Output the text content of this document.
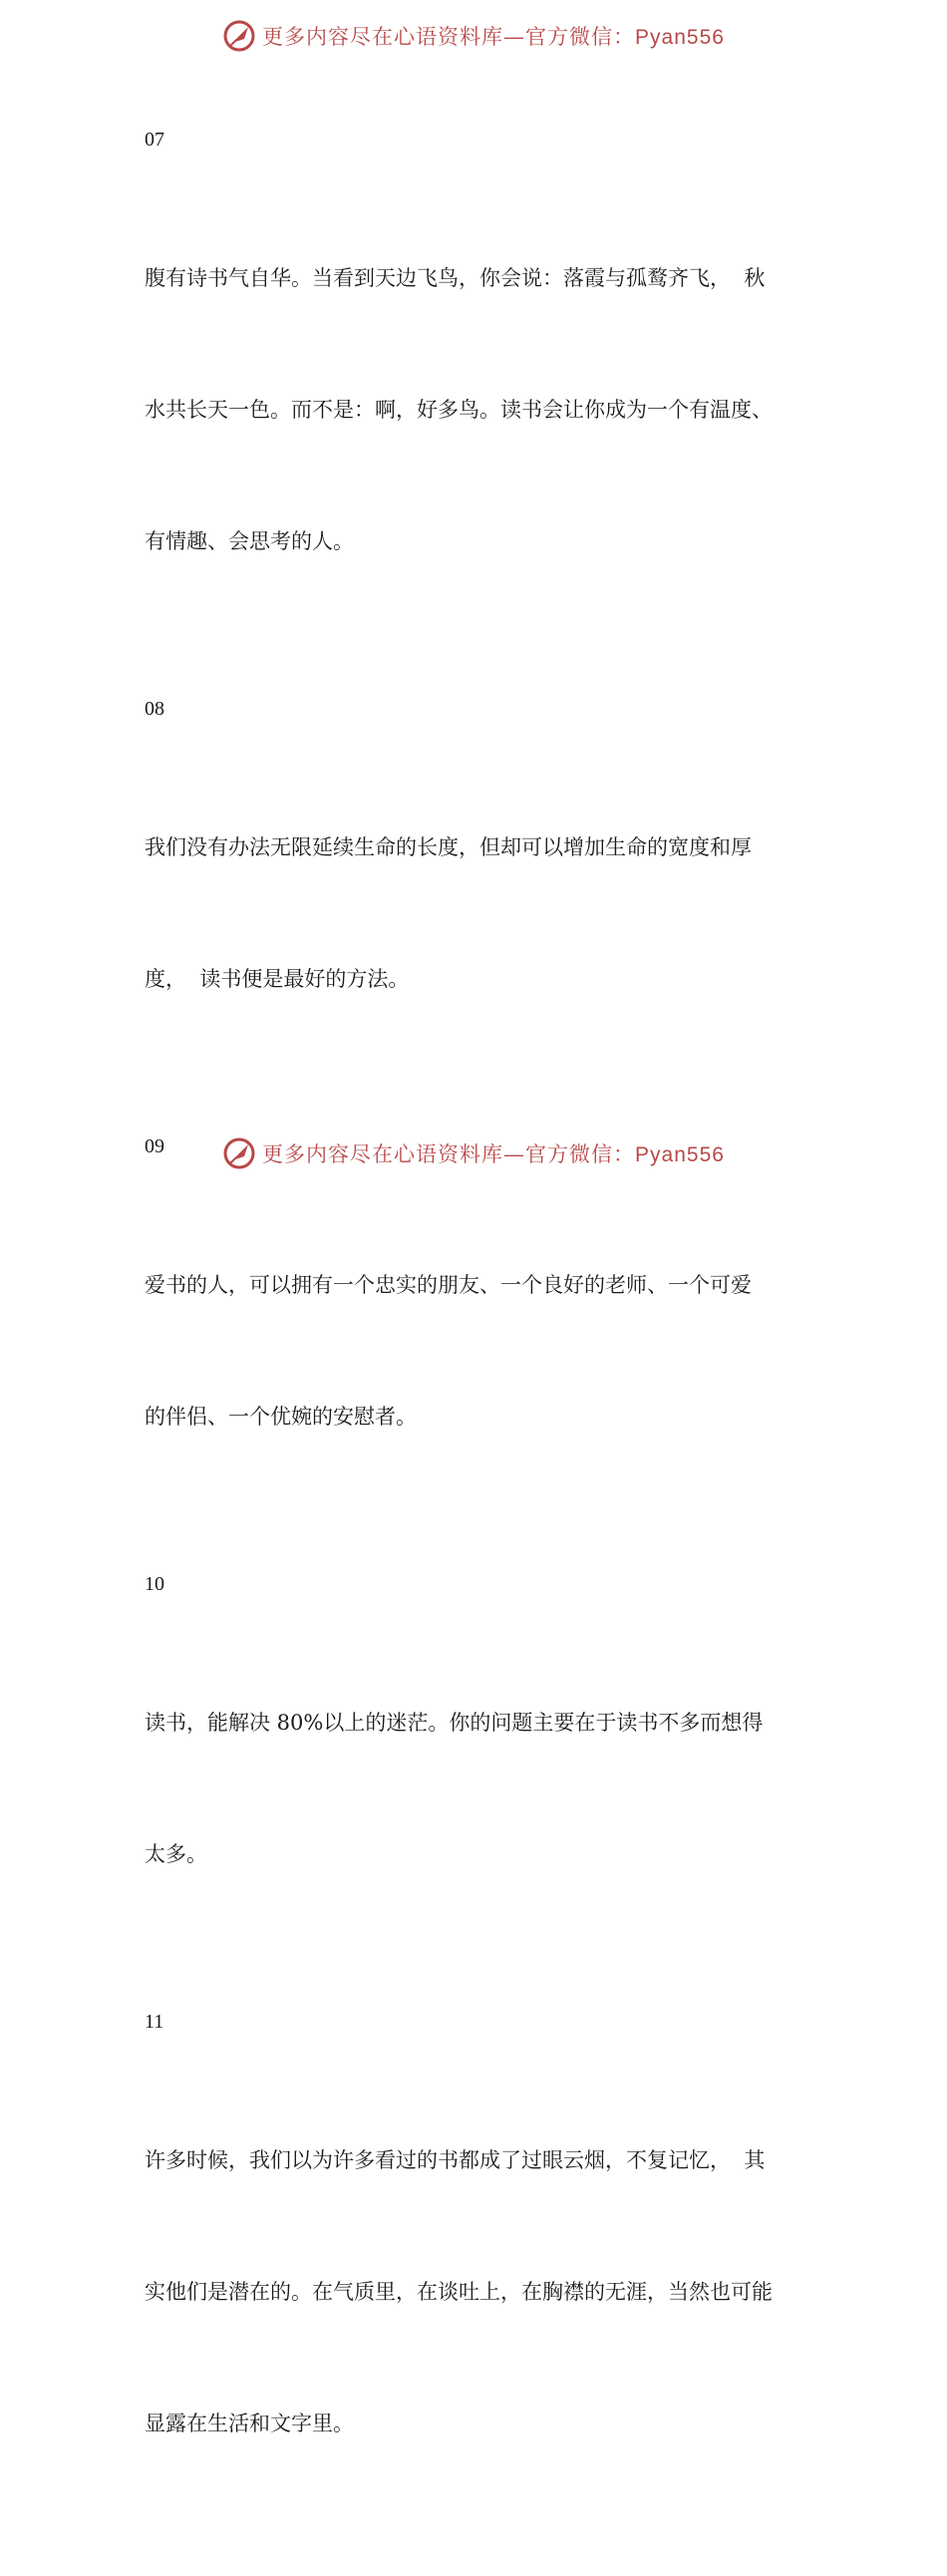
更多内容尽在心语资料库—官方微信：Pyan556
07

腹有诗书气自华。当看到天边飞鸟，你会说：落霞与孤鹜齐飞，  秋

水共长天一色。而不是：啊，好多鸟。读书会让你成为一个有温度、

有情趣、会思考的人。

08

我们没有办法无限延续生命的长度，但却可以增加生命的宽度和厚

度，  读书便是最好的方法。

09

爱书的人，可以拥有一个忠实的朋友、一个良好的老师、一个可爱

的伴侣、一个优婉的安慰者。

10

读书，能解决 80%以上的迷茫。你的问题主要在于读书不多而想得

太多。

11

许多时候，我们以为许多看过的书都成了过眼云烟，不复记忆，  其

实他们是潜在的。在气质里，在谈吐上，在胸襟的无涯，当然也可能

显露在生活和文字里。

更多内容尽在心语资料库—官方微信：Pyan556
